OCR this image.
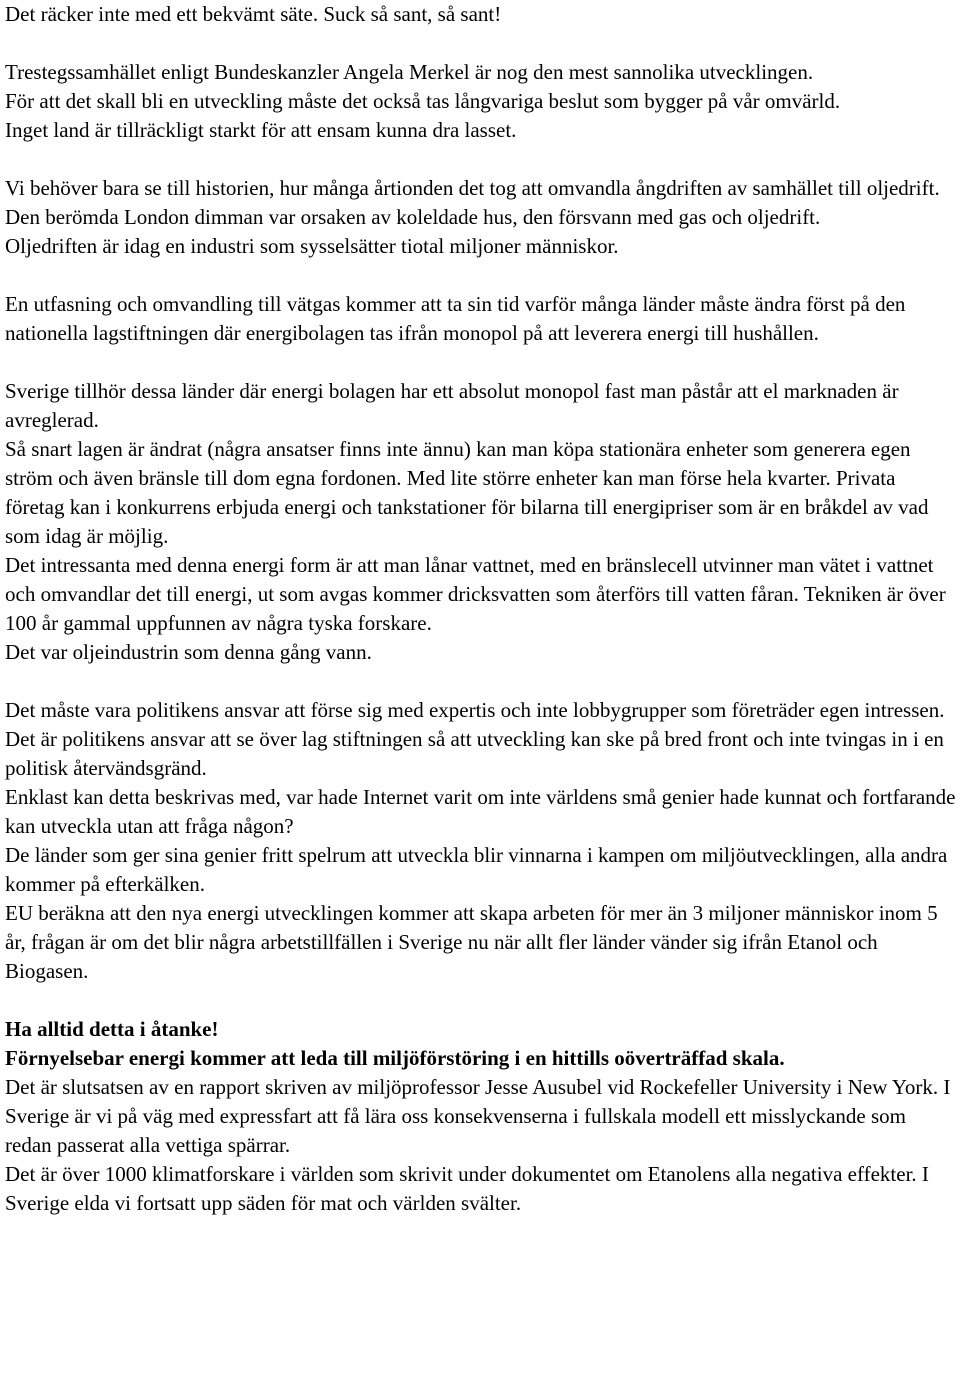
Det räcker inte med ett bekvämt säte. Suck så sant, så sant!

Trestegssamhället enligt Bundeskanzler Angela Merkel är nog den mest sannolika utvecklingen.

För att det skall bli en utveckling måste det också tas långvariga beslut som bygger på vår omvärld.

Inget land är tillräckligt starkt för att ensam kunna dra lasset.

Vi behöver bara se till historien, hur många årtionden det tog att omvandla ångdriften av samhället till oljedrift.

Den berömda London dimman var orsaken av koleldade hus, den försvann med gas och oljedrift.

Oljedriften är idag en industri som sysselsätter tiotal miljoner människor.

En utfasning och omvandling till vätgas kommer att ta sin tid varför många länder måste ändra först på den nationella lagstiftningen där energibolagen tas ifrån monopol på att leverera energi till hushållen.

Sverige tillhör dessa länder där energi bolagen har ett absolut monopol fast man påstår att el marknaden är avreglerad.

Så snart lagen är ändrat (några ansatser finns inte ännu) kan man köpa stationära enheter som generera egen ström och även bränsle till dom egna fordonen. Med lite större enheter kan man förse hela kvarter. Privata företag kan i konkurrens erbjuda energi och tankstationer för bilarna till energipriser som är en bråkdel av vad som idag är möjlig.

Det intressanta med denna energi form är att man lånar vattnet, med en bränslecell utvinner man vätet i vattnet och omvandlar det till energi, ut som avgas kommer dricksvatten som återförs till vatten fåran. Tekniken är över 100 år gammal uppfunnen av några tyska forskare.

Det var oljeindustrin som denna gång vann.

Det måste vara politikens ansvar att förse sig med expertis och inte lobbygrupper som företräder egen intressen.

Det är politikens ansvar att se över lag stiftningen så att utveckling kan ske på bred front och inte tvingas in i en politisk återvändsgränd.

Enklast kan detta beskrivas med, var hade Internet varit om inte världens små genier hade kunnat och fortfarande kan utveckla utan att fråga någon?

De länder som ger sina genier fritt spelrum att utveckla blir vinnarna i kampen om miljöutvecklingen, alla andra kommer på efterkälken.

EU beräkna att den nya energi utvecklingen kommer att skapa arbeten för mer än 3 miljoner människor inom 5 år, frågan är om det blir några arbetstillfällen i Sverige nu när allt fler länder vänder sig ifrån Etanol och Biogasen.

Ha alltid detta i åtanke!

Förnyelsebar energi kommer att leda till miljöförstöring i en hittills oöverträffad skala.

Det är slutsatsen av en rapport skriven av miljöprofessor Jesse Ausubel vid Rockefeller University i New York. I Sverige är vi på väg med expressfart att få lära oss konsekvenserna i fullskala modell ett misslyckande som redan passerat alla vettiga spärrar.

Det är över 1000 klimatforskare i världen som skrivit under dokumentet om Etanolens alla negativa effekter. I Sverige elda vi fortsatt upp säden för mat och världen svälter.
